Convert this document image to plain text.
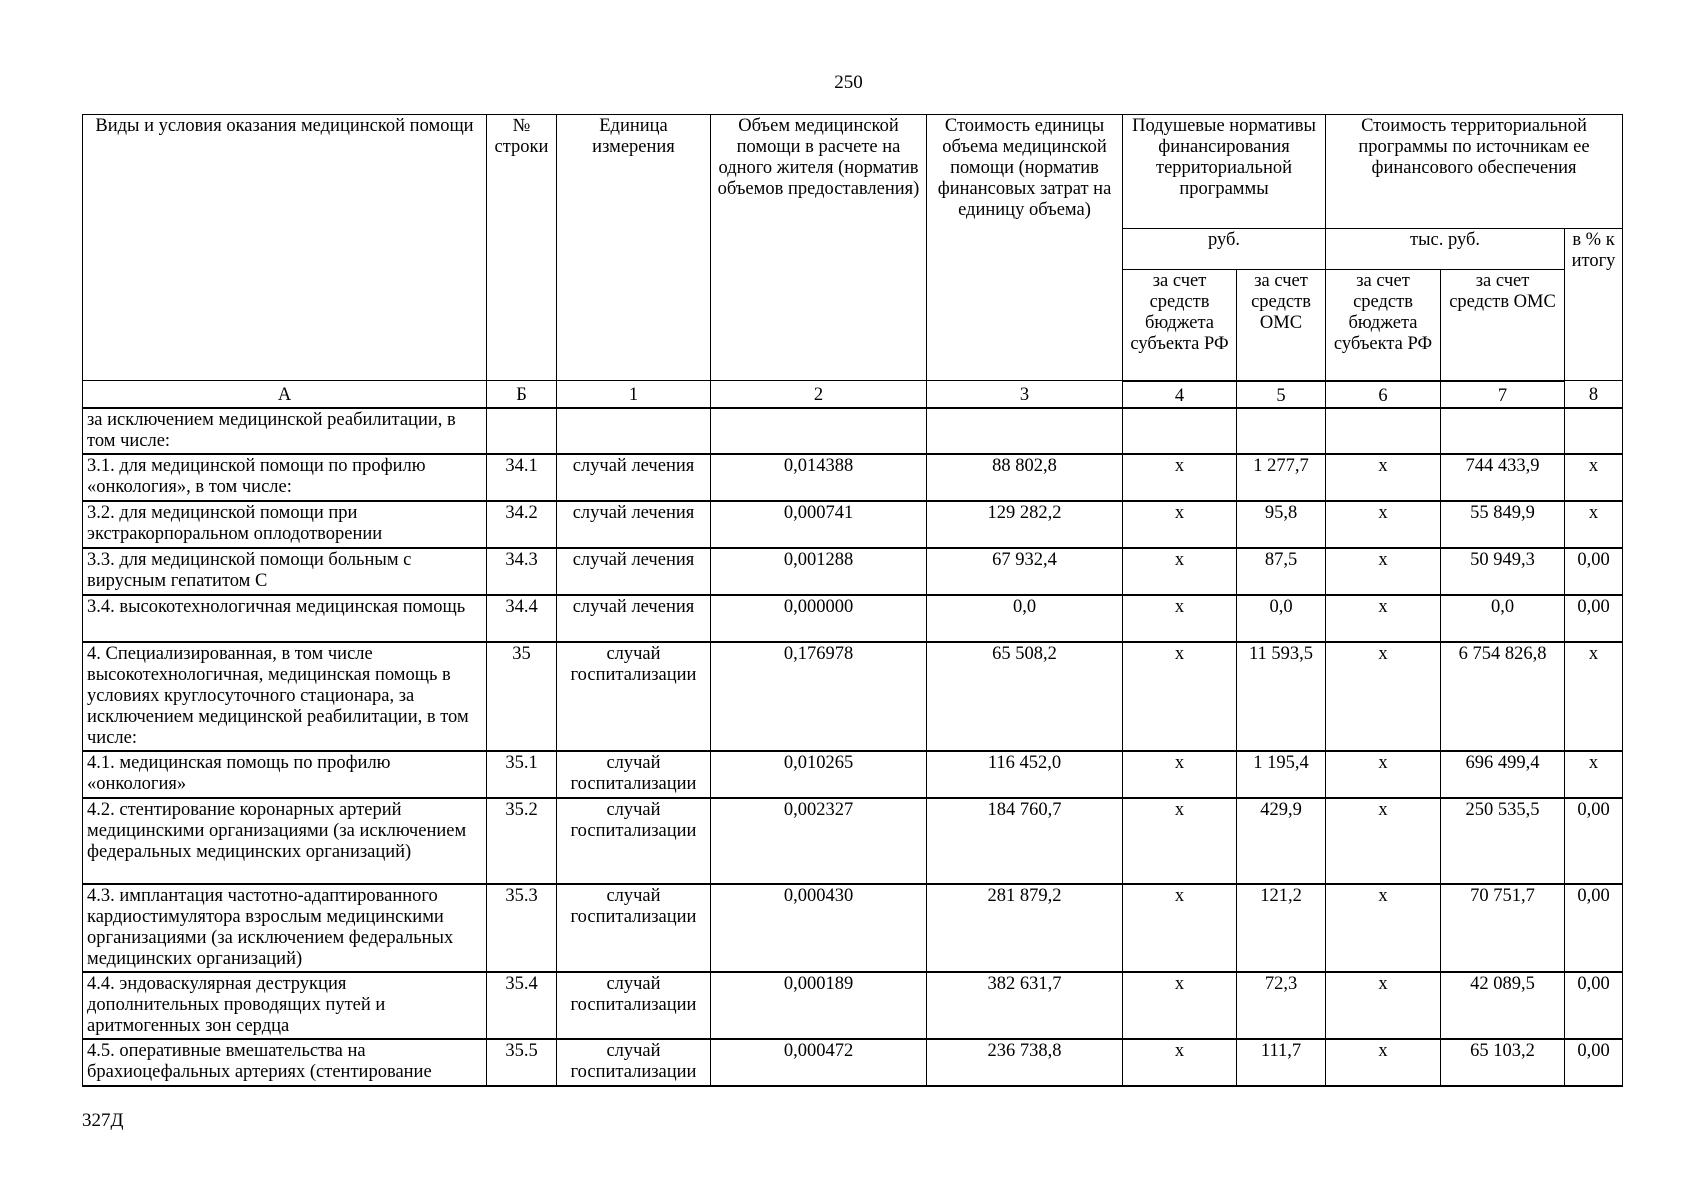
250
Виды и условия оказания медицинской помощи	№ строки	Единица измерения	Объем медицинской помощи в расчете на одного жителя (норматив объемов предоставления)	Стоимость единицы объема медицинской помощи (норматив финансовых затрат на единицу объема)	Подушевые нормативы финансирования территориальной программы		Стоимость территориальной программы по источникам ее финансового обеспечения		
					руб.		тыс. руб.		в % к итогу
					за счет средств бюджета субъекта РФ	за счет средств ОМС	за счет средств бюджета субъекта РФ	за счет средств ОМС	
А	Б	1	2	3	4	5	6	7	8
за исключением медицинской реабилитации, в том числе:									
3.1. для медицинской помощи по профилю «онкология», в том числе:	34.1	случай лечения	0,014388	88 802,8	х	1 277,7	х	744 433,9	х
3.2. для медицинской помощи при экстракорпоральном оплодотворении	34.2	случай лечения	0,000741	129 282,2	х	95,8	х	55 849,9	х
3.3. для медицинской помощи больным с вирусным гепатитом С	34.3	случай лечения	0,001288	67 932,4	х	87,5	х	50 949,3	0,00
3.4. высокотехнологичная медицинская помощь	34.4	случай лечения	0,000000	0,0	х	0,0	х	0,0	0,00
4. Специализированная, в том числе высокотехнологичная, медицинская помощь в условиях круглосуточного стационара, за исключением медицинской реабилитации, в том числе:	35	случай госпитализации	0,176978	65 508,2	х	11 593,5	х	6 754 826,8	х
4.1. медицинская помощь по профилю «онкология»	35.1	случай госпитализации	0,010265	116 452,0	х	1 195,4	х	696 499,4	х
4.2. стентирование коронарных артерий медицинскими организациями (за исключением федеральных медицинских организаций)	35.2	случай госпитализации	0,002327	184 760,7	х	429,9	х	250 535,5	0,00
4.3. имплантация частотно-адаптированного кардиостимулятора взрослым медицинскими организациями (за исключением федеральных медицинских организаций)	35.3	случай госпитализации	0,000430	281 879,2	х	121,2	х	70 751,7	0,00
4.4. эндоваскулярная деструкция дополнительных проводящих путей и аритмогенных зон сердца	35.4	случай госпитализации	0,000189	382 631,7	х	72,3	х	42 089,5	0,00
4.5. оперативные вмешательства на брахиоцефальных артериях (стентирование	35.5	случай госпитализации	0,000472	236 738,8	х	111,7	х	65 103,2	0,00
327Д
